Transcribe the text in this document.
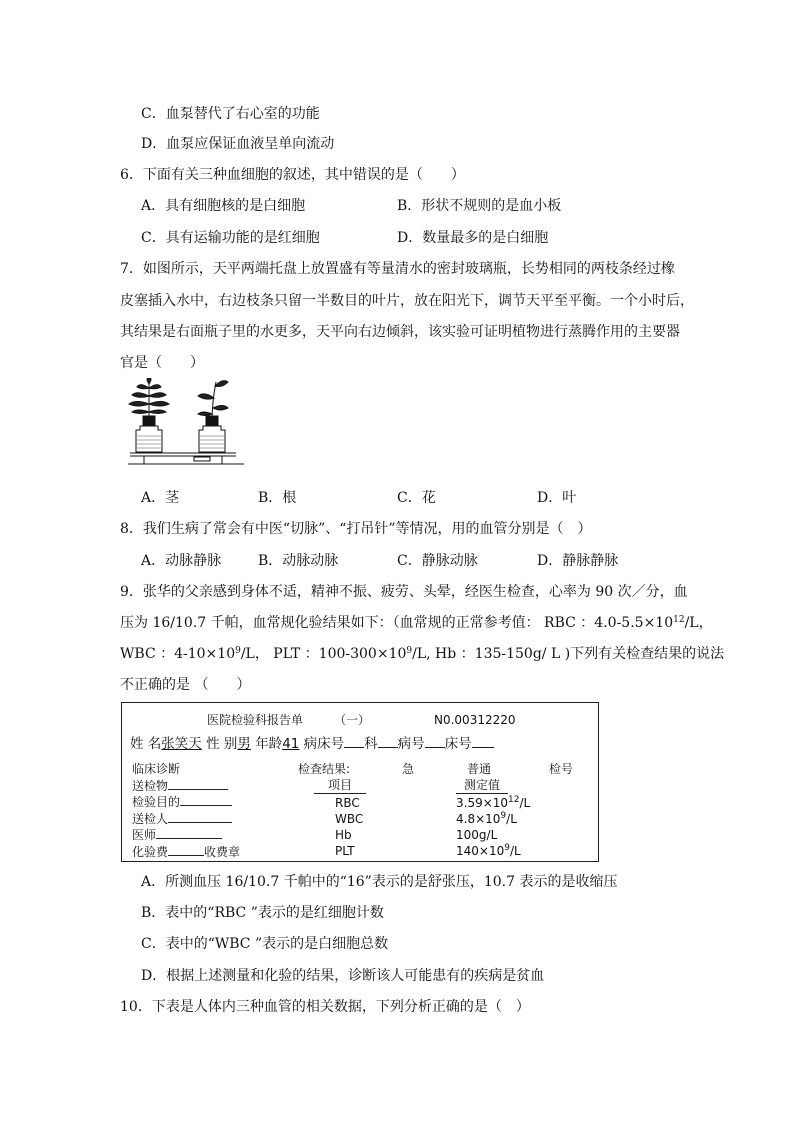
C．血泵替代了右心室的功能
D．血泵应保证血液呈单向流动
6．下面有关三种血细胞的叙述，其中错误的是（　　）
A．具有细胞核的是白细胞	B．形状不规则的是血小板
C．具有运输功能的是红细胞	D．数量最多的是白细胞
7．如图所示，天平两端托盘上放置盛有等量清水的密封玻璃瓶，长势相同的两枝条经过橡
皮塞插入水中，右边枝条只留一半数目的叶片，放在阳光下，调节天平至平衡。一个小时后，
其结果是右面瓶子里的水更多，天平向右边倾斜，该实验可证明植物进行蒸腾作用的主要器
官是（　　）
A．茎	B．根	C．花	D．叶
8．我们生病了常会有中医“切脉”、“打吊针”等情况，用的血管分别是（　）
A．动脉静脉	B．动脉动脉	C．静脉动脉	D．静脉静脉
9．张华的父亲感到身体不适，精神不振、疲劳、头晕，经医生检查，心率为 90 次／分，血
压为 16/10.7 千帕，血常规化验结果如下：（血常规的正常参考值： RBC ：$4.0-5.5\times 10^{12}/L$，
WBC ：$4-10\times 10^9/L$， PLT ：$100-300\times 10^9/L$, Hb ：135-150g/ L )下列有关检查结果的说法
不正确的是 （　　）
医院检验科报告单	（一）	N0.00312220
姓 名张笑天 性 别男 年龄41 病床号 科 病号 床号
临床诊断
送检物
检验目的
送检人
医师
化验费	收费章
检查结果:	急	普通	检号
项目	测定值
RBC	$3.59\times 10^{12}/L$
WBC	$4.8\times 10^9/L$
Hb	100g/L
PLT	$140\times 10^9/L$
A．所测血压 16/10.7 千帕中的“16”表示的是舒张压，10.7 表示的是收缩压
B．表中的“RBC ”表示的是红细胞计数
C．表中的“WBC ”表示的是白细胞总数
D．根据上述测量和化验的结果，诊断该人可能患有的疾病是贫血
10．下表是人体内三种血管的相关数据，下列分析正确的是（　）
